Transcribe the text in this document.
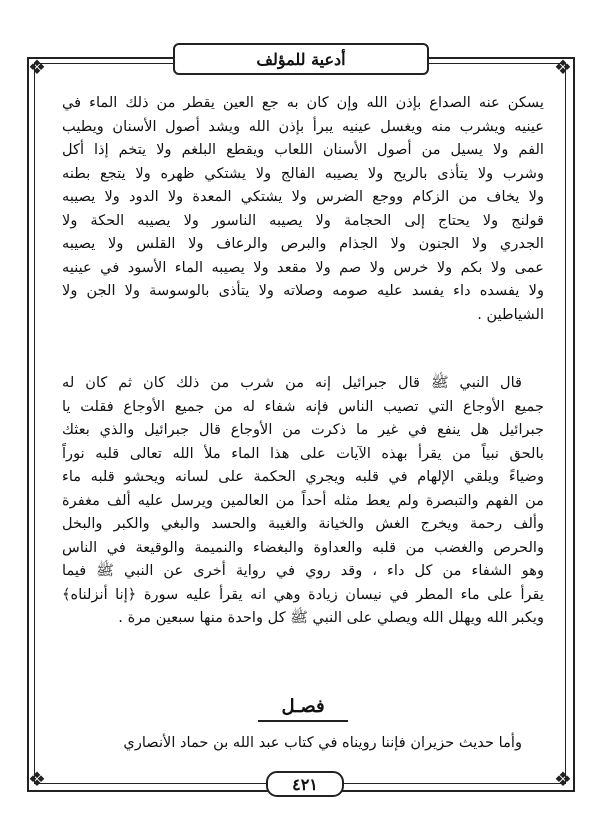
❖	❖
❖	❖
أدعية للمؤلف
يسكن عنه الصداع بإذن الله وإن كان به جع العين يقطر من ذلك الماء في
عينيه ويشرب منه ويغسل عينيه يبرأ بإذن الله ويشد أصول الأسنان ويطيب
الفم ولا يسيل من أصول الأسنان اللعاب ويقطع البلغم ولا يتخم إذا أكل
وشرب ولا يتأذى بالريح ولا يصيبه الفالج ولا يشتكي ظهره ولا يتجع بطنه
ولا يخاف من الزكام ووجع الضرس ولا يشتكي المعدة ولا الدود ولا يصيبه
قولنج ولا يحتاج إلى الحجامة ولا يصيبه الناسور ولا يصيبه الحكة ولا
الجدري ولا الجنون ولا الجذام والبرص والرعاف ولا القلس ولا يصيبه
عمى ولا بكم ولا خرس ولا صم ولا مقعد ولا يصيبه الماء الأسود في عينيه
ولا يفسده داء يفسد عليه صومه وصلاته ولا يتأذى بالوسوسة ولا الجن ولا
الشياطين .
قال النبي ﷺ قال جبرائيل إنه من شرب من ذلك كان ثم كان له
جميع الأوجاع التي تصيب الناس فإنه شفاء له من جميع الأوجاع فقلت يا
جبرائيل هل ينفع في غير ما ذكرت من الأوجاع قال جبرائيل والذي بعثك
بالحق نبياً من يقرأ بهذه الآيات على هذا الماء ملأ الله تعالى قلبه نوراً
وضياءً ويلقي الإلهام في قلبه ويجري الحكمة على لسانه ويحشو قلبه ماء
من الفهم والتبصرة ولم يعط مثله أحداً من العالمين ويرسل عليه ألف مغفرة
وألف رحمة ويخرج الغش والخيانة والغيبة والحسد والبغي والكبر والبخل
والحرص والغضب من قلبه والعداوة والبغضاء والنميمة والوقيعة في الناس
وهو الشفاء من كل داء ، وقد روي في رواية أخرى عن النبي ﷺ فيما
يقرأ على ماء المطر في نيسان زيادة وهي انه يقرأ عليه سورة ﴿إنا أنزلناه﴾
ويكبر الله ويهلل الله ويصلي على النبي ﷺ كل واحدة منها سبعين مرة .
فصـل
وأما حديث حزيران فإننا رويناه في كتاب عبد الله بن حماد الأنصاري
٤٢١
